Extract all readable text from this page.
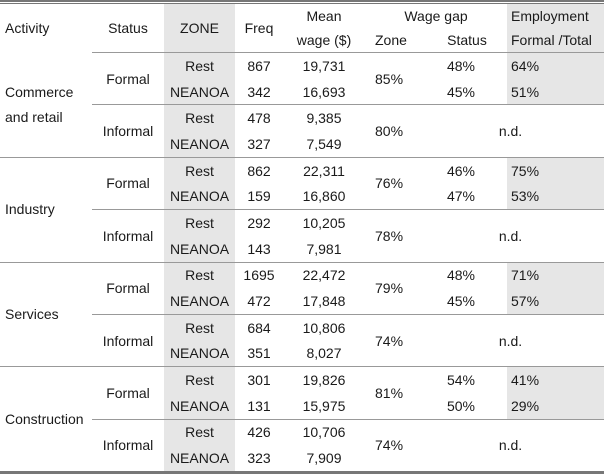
Activity	Status	ZONE	Freq	Mean	Wage gap		Employment
				wage ($)	Zone	Status	Formal /Total
Commerce and retail	Formal	Rest	867	19,731	85%	48%	64%
		NEANOA	342	16,693		45%	51%
	Informal	Rest	478	9,385	80%	n.d.	
		NEANOA	327	7,549			
Industry	Formal	Rest	862	22,311	76%	46%	75%
		NEANOA	159	16,860		47%	53%
	Informal	Rest	292	10,205	78%	n.d.	
		NEANOA	143	7,981			
Services	Formal	Rest	1695	22,472	79%	48%	71%
		NEANOA	472	17,848		45%	57%
	Informal	Rest	684	10,806	74%	n.d.	
		NEANOA	351	8,027			
Construction	Formal	Rest	301	19,826	81%	54%	41%
		NEANOA	131	15,975		50%	29%
	Informal	Rest	426	10,706	74%	n.d.	
		NEANOA	323	7,909			
